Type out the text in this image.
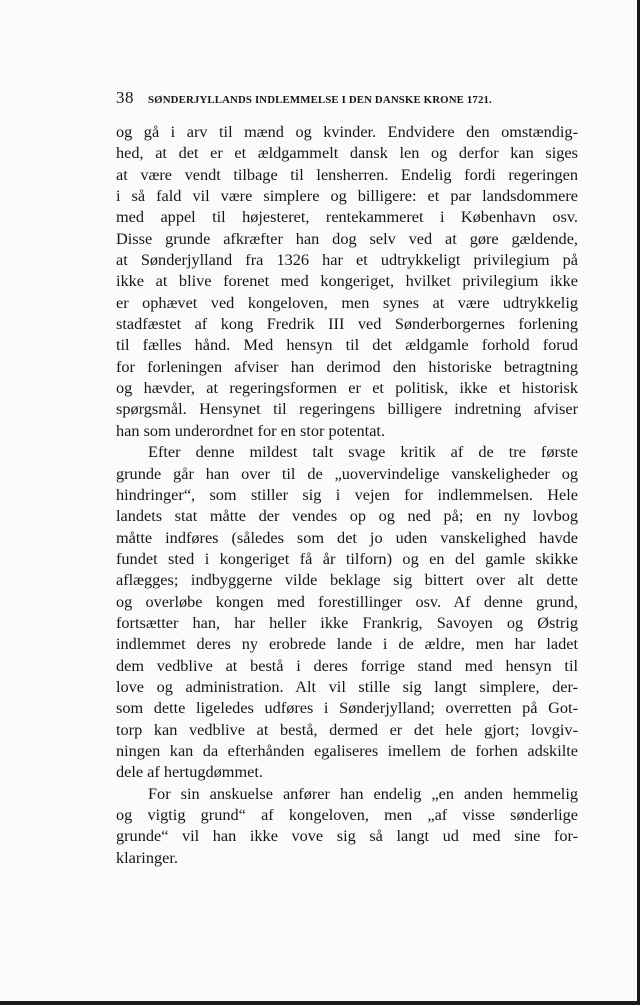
38 SØNDERJYLLANDS INDLEMMELSE I DEN DANSKE KRONE 1721.
og gå i arv til mænd og kvinder. Endvidere den omstændig-
hed, at det er et ældgammelt dansk len og derfor kan siges
at være vendt tilbage til lensherren. Endelig fordi regeringen
i så fald vil være simplere og billigere: et par landsdommere
med appel til højesteret, rentekammeret i København osv.
Disse grunde afkræfter han dog selv ved at gøre gældende,
at Sønderjylland fra 1326 har et udtrykkeligt privilegium på
ikke at blive forenet med kongeriget, hvilket privilegium ikke
er ophævet ved kongeloven, men synes at være udtrykkelig
stadfæstet af kong Fredrik III ved Sønderborgernes forlening
til fælles hånd. Med hensyn til det ældgamle forhold forud
for forleningen afviser han derimod den historiske betragtning
og hævder, at regeringsformen er et politisk, ikke et historisk
spørgsmål. Hensynet til regeringens billigere indretning afviser
han som underordnet for en stor potentat.
Efter denne mildest talt svage kritik af de tre første
grunde går han over til de „uovervindelige vanskeligheder og
hindringer“, som stiller sig i vejen for indlemmelsen. Hele
landets stat måtte der vendes op og ned på; en ny lovbog
måtte indføres (således som det jo uden vanskelighed havde
fundet sted i kongeriget få år tilforn) og en del gamle skikke
aflægges; indbyggerne vilde beklage sig bittert over alt dette
og overløbe kongen med forestillinger osv. Af denne grund,
fortsætter han, har heller ikke Frankrig, Savoyen og Østrig
indlemmet deres ny erobrede lande i de ældre, men har ladet
dem vedblive at bestå i deres forrige stand med hensyn til
love og administration. Alt vil stille sig langt simplere, der-
som dette ligeledes udføres i Sønderjylland; overretten på Got-
torp kan vedblive at bestå, dermed er det hele gjort; lovgiv-
ningen kan da efterhånden egaliseres imellem de forhen adskilte
dele af hertugdømmet.
For sin anskuelse anfører han endelig „en anden hemmelig
og vigtig grund“ af kongeloven, men „af visse sønderlige
grunde“ vil han ikke vove sig så langt ud med sine for-
klaringer.
